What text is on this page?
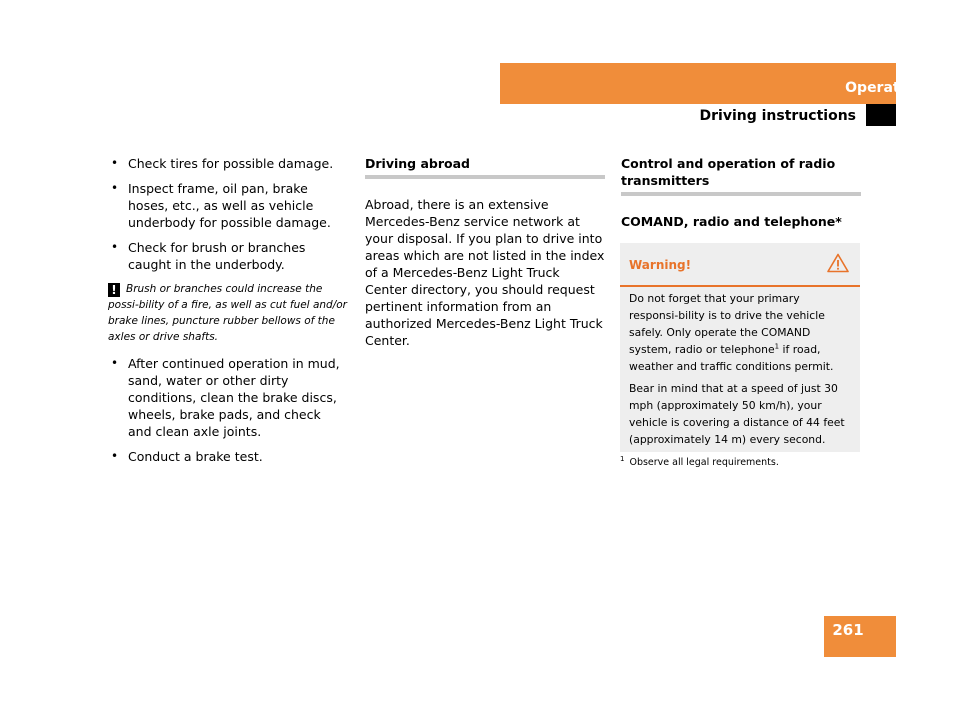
Operation
Driving instructions
• Check tires for possible damage.
• Inspect frame, oil pan, brake hoses, etc., as well as vehicle underbody for possible damage.
• Check for brush or branches caught in the underbody.
! Brush or branches could increase the possi-bility of a fire, as well as cut fuel and/or brake lines, puncture rubber bellows of the axles or drive shafts.
• After continued operation in mud, sand, water or other dirty conditions, clean the brake discs, wheels, brake pads, and check and clean axle joints.
• Conduct a brake test.
Driving abroad
Abroad, there is an extensive Mercedes-Benz service network at your disposal. If you plan to drive into areas which are not listed in the index of a Mercedes-Benz Light Truck Center directory, you should request pertinent information from an authorized Mercedes-Benz Light Truck Center.
Control and operation of radio transmitters
COMAND, radio and telephone*
Warning!

Do not forget that your primary responsi-bility is to drive the vehicle safely. Only operate the COMAND system, radio or telephone$^1$ if road, weather and traffic conditions permit.

Bear in mind that at a speed of just 30 mph (approximately 50 km/h), your vehicle is covering a distance of 44 feet (approximately 14 m) every second.

$^1$ Observe all legal requirements.
261
